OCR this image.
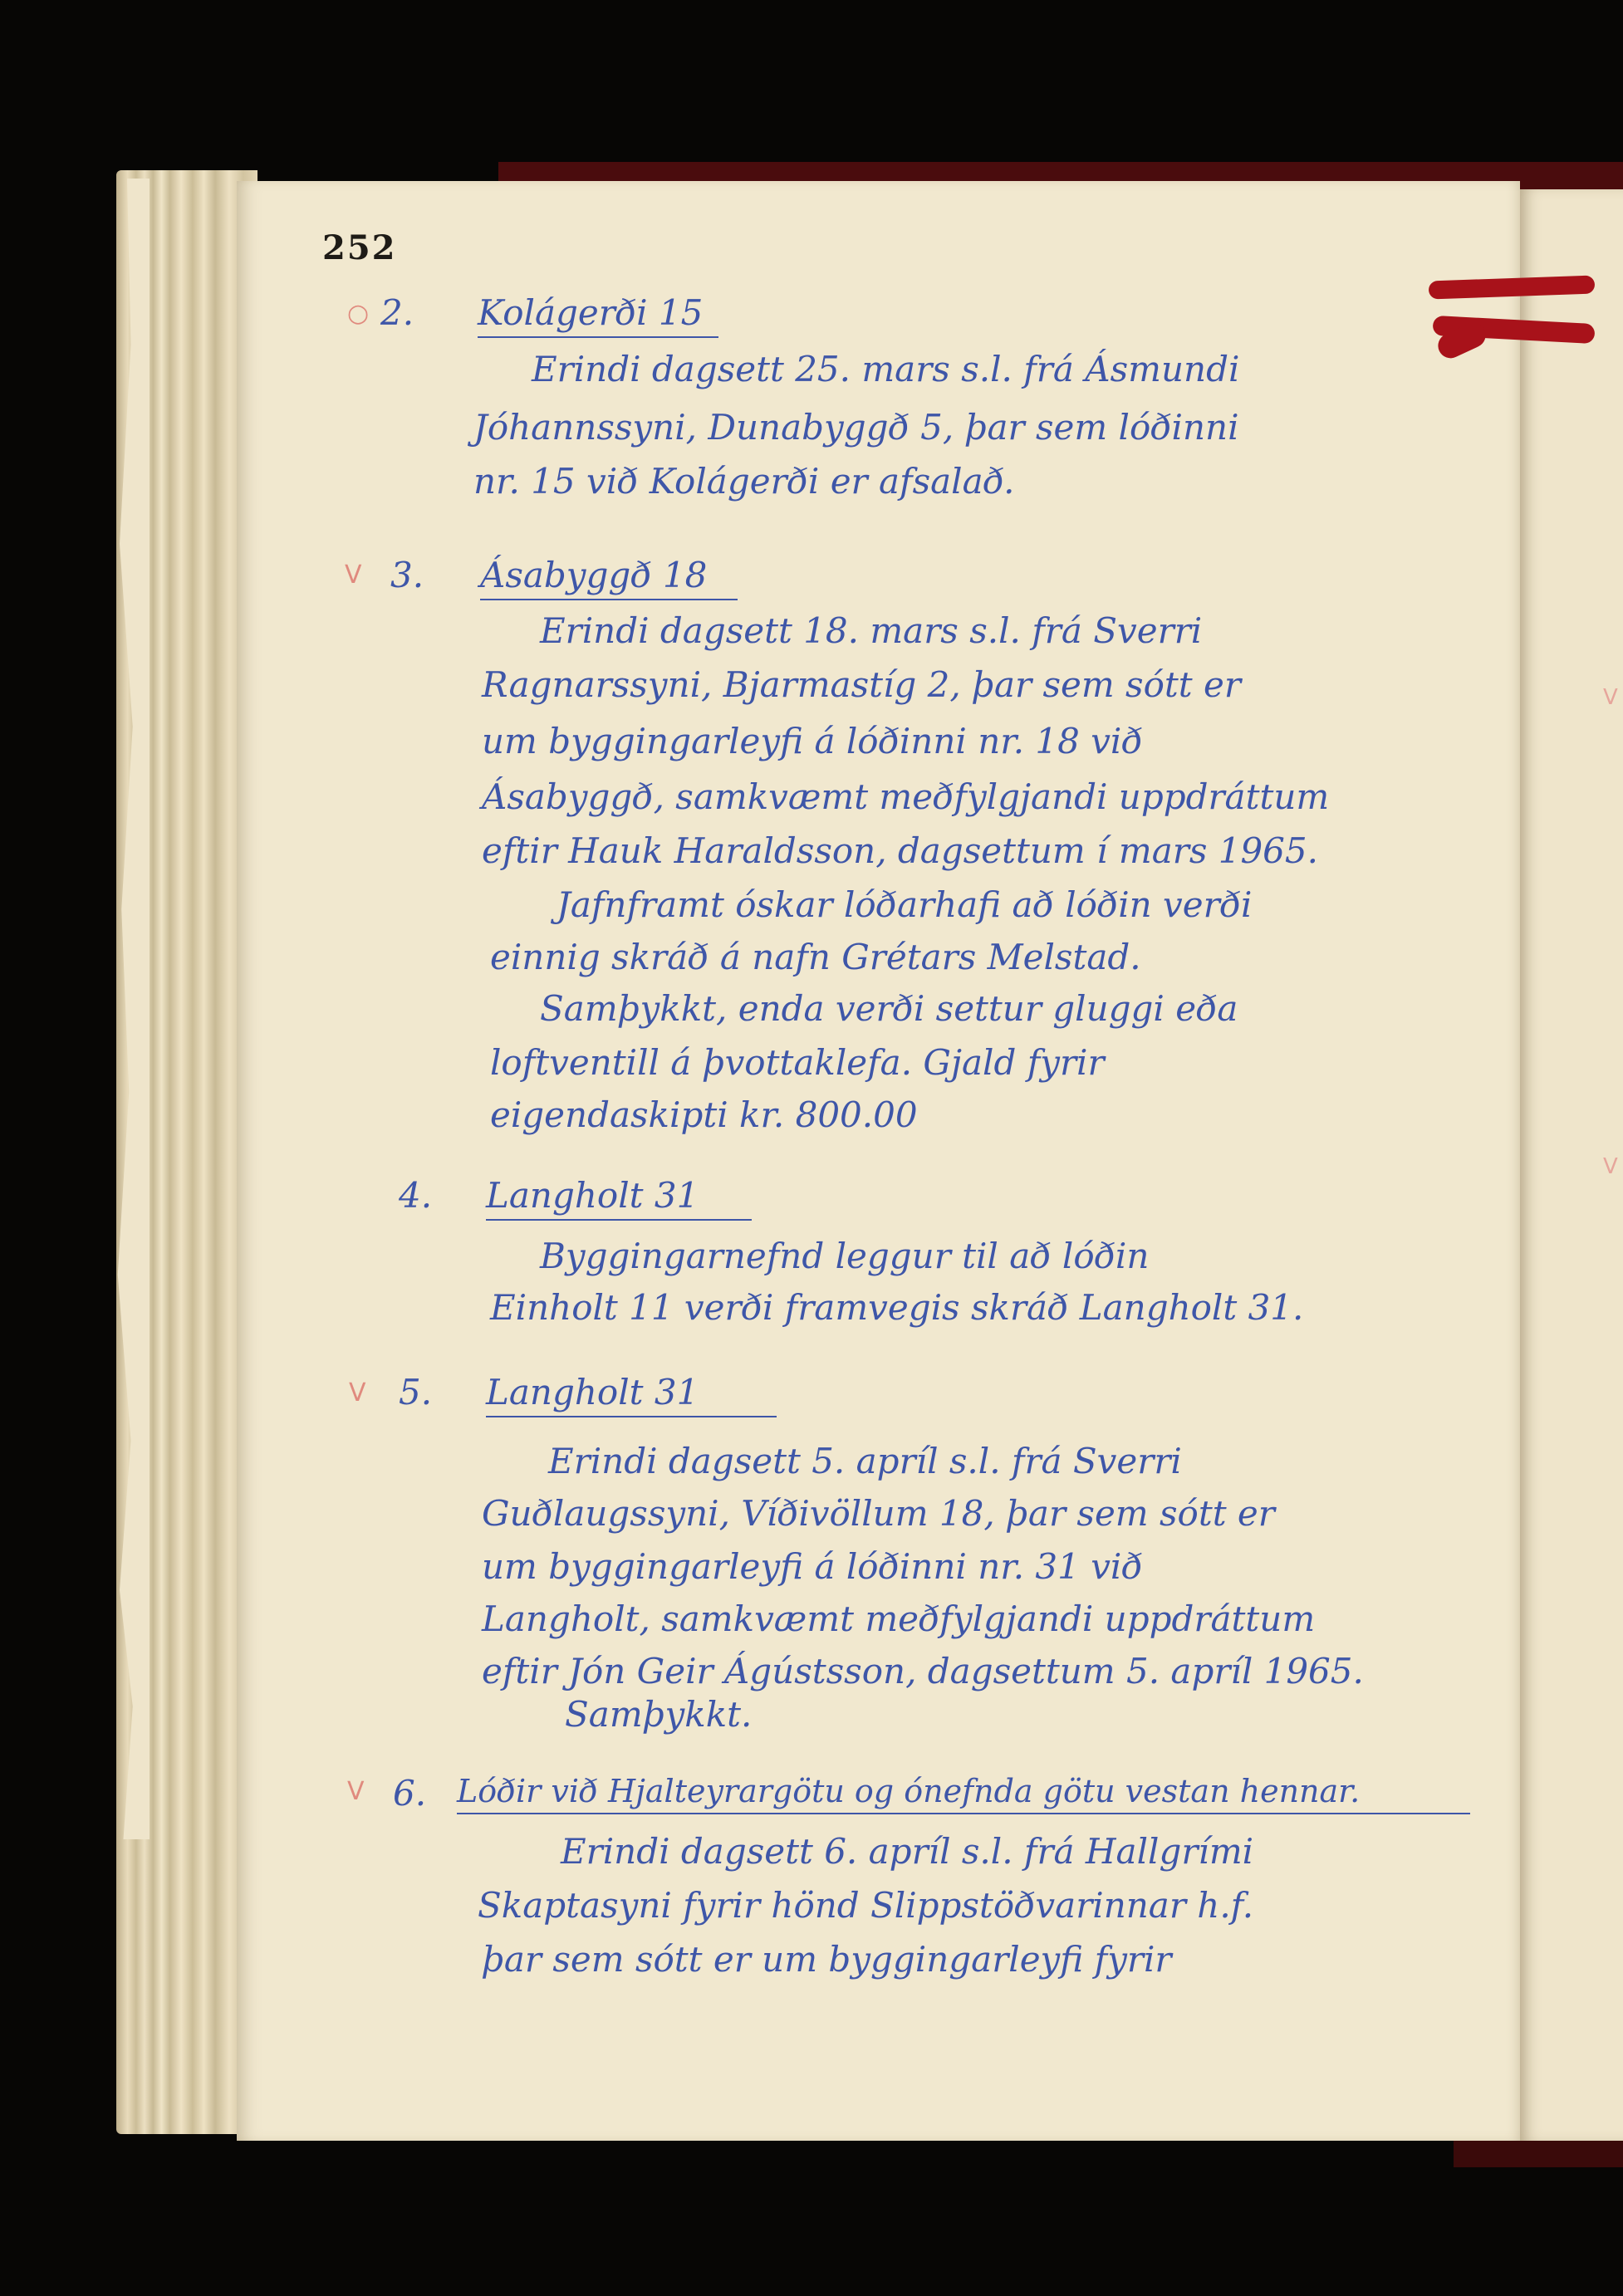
252
○ 2. Kolágerði 15
Erindi dagsett 25. mars s.l. frá Ásmundi
Jóhannssyni, Dunabyggð 5, þar sem lóðinni
nr. 15 við Kolágerði er afsalað.
V 3. Ásabyggð 18
Erindi dagsett 18. mars s.l. frá Sverri
Ragnarssyni, Bjarmastíg 2, þar sem sótt er
um byggingarleyfi á lóðinni nr. 18 við
Ásabyggð, samkvæmt meðfylgjandi uppdráttum
eftir Hauk Haraldsson, dagsettum í mars 1965.
Jafnframt óskar lóðarhafi að lóðin verði
einnig skráð á nafn Grétars Melstad.
Samþykkt, enda verði settur gluggi eða
loftventill á þvottaklefa. Gjald fyrir
eigendaskipti kr. 800.00
4. Langholt 31
Byggingarnefnd leggur til að lóðin
Einholt 11 verði framvegis skráð Langholt 31.
V 5. Langholt 31
Erindi dagsett 5. apríl s.l. frá Sverri
Guðlaugssyni, Víðivöllum 18, þar sem sótt er
um byggingarleyfi á lóðinni nr. 31 við
Langholt, samkvæmt meðfylgjandi uppdráttum
eftir Jón Geir Ágústsson, dagsettum 5. apríl 1965.
Samþykkt.
V 6. Lóðir við Hjalteyrargötu og ónefnda götu vestan hennar.
Erindi dagsett 6. apríl s.l. frá Hallgrími
Skaptasyni fyrir hönd Slippstöðvarinnar h.f.
þar sem sótt er um byggingarleyfi fyrir
V
V
